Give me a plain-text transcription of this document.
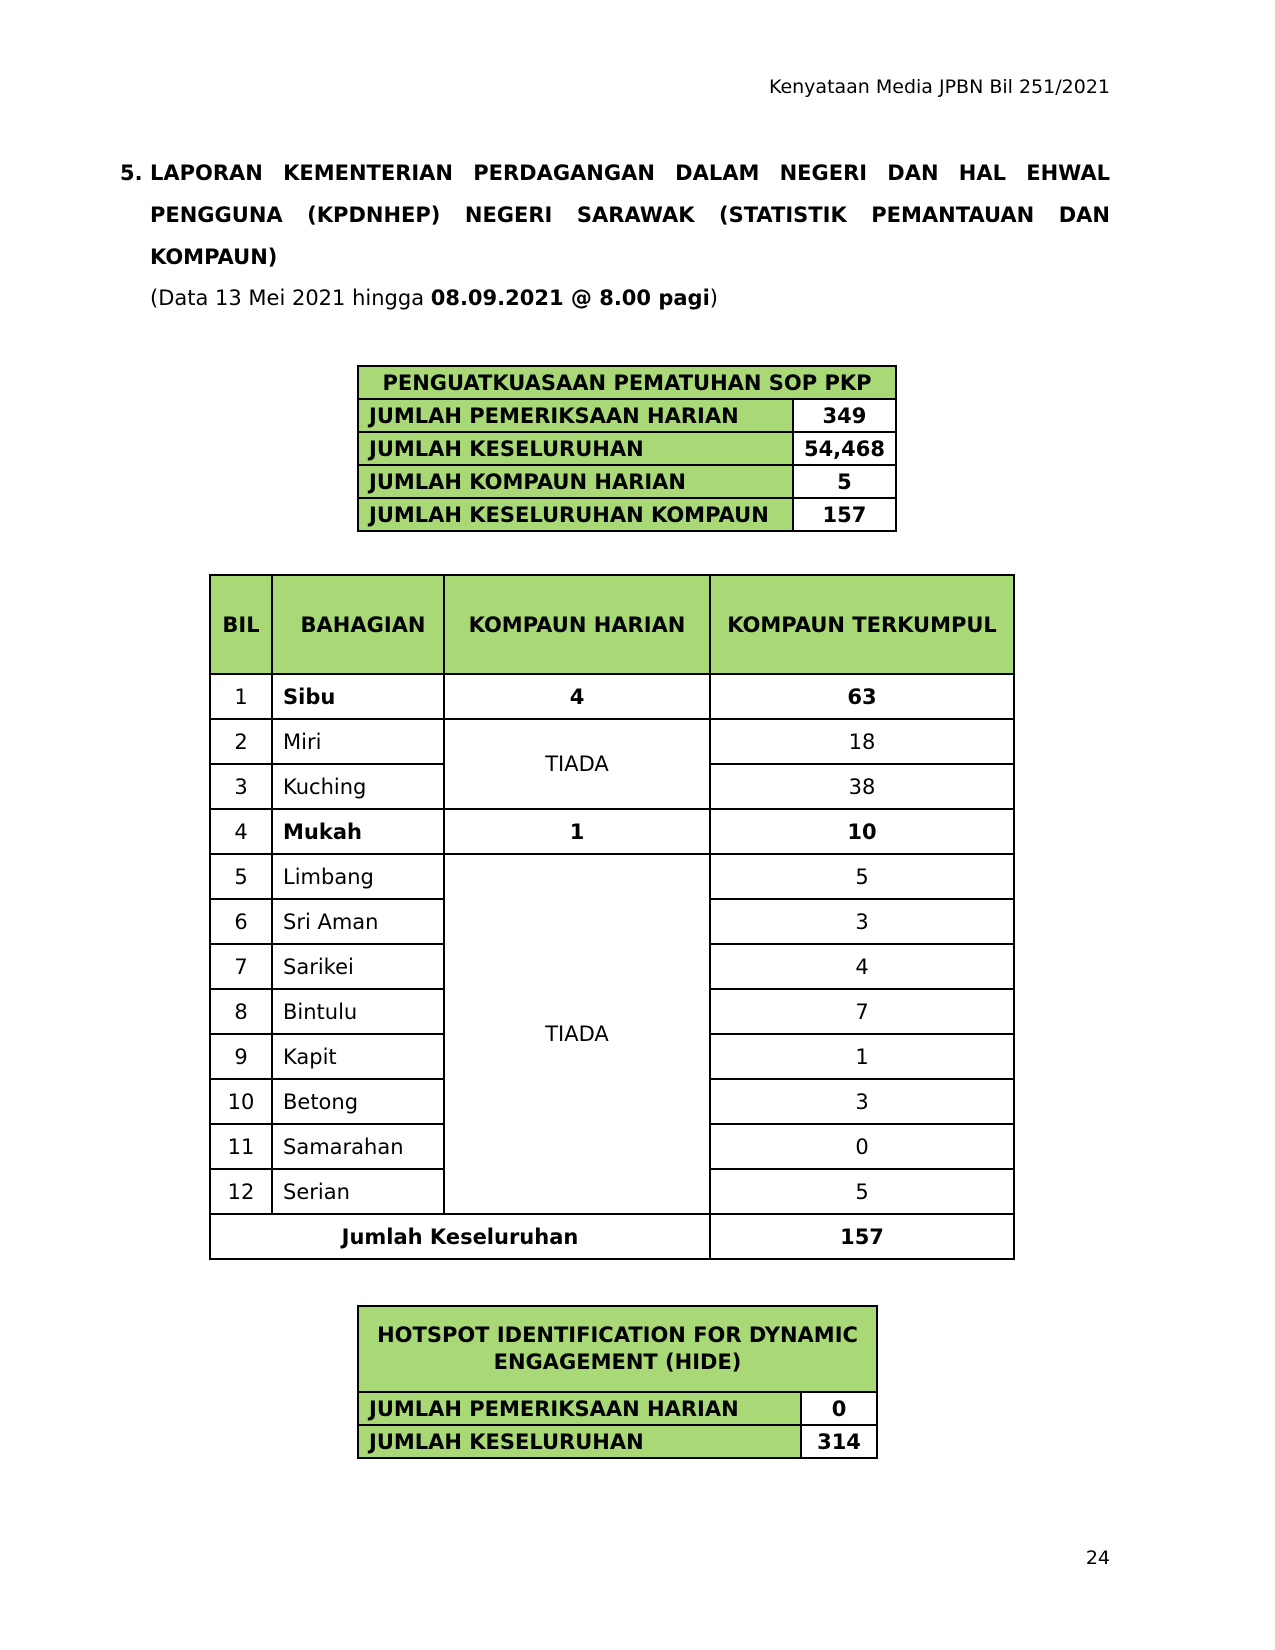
Kenyataan Media JPBN Bil 251/2021
5. LAPORAN KEMENTERIAN PERDAGANGAN DALAM NEGERI DAN HAL EHWAL PENGGUNA (KPDNHEP) NEGERI SARAWAK (STATISTIK PEMANTAUAN DAN KOMPAUN)
(Data 13 Mei 2021 hingga 08.09.2021 @ 8.00 pagi)
PENGUATKUASAAN PEMATUHAN SOP PKP	
JUMLAH PEMERIKSAAN HARIAN	349
JUMLAH KESELURUHAN	54,468
JUMLAH KOMPAUN HARIAN	5
JUMLAH KESELURUHAN KOMPAUN	157
BIL	BAHAGIAN	KOMPAUN HARIAN	KOMPAUN TERKUMPUL
1	Sibu	4	63
2	Miri	TIADA	18
3	Kuching		38
4	Mukah	1	10
5	Limbang	TIADA	5
6	Sri Aman		3
7	Sarikei		4
8	Bintulu		7
9	Kapit		1
10	Betong		3
11	Samarahan		0
12	Serian		5
Jumlah Keseluruhan			157
HOTSPOT IDENTIFICATION FOR DYNAMIC ENGAGEMENT (HIDE)	
JUMLAH PEMERIKSAAN HARIAN	0
JUMLAH KESELURUHAN	314
24
